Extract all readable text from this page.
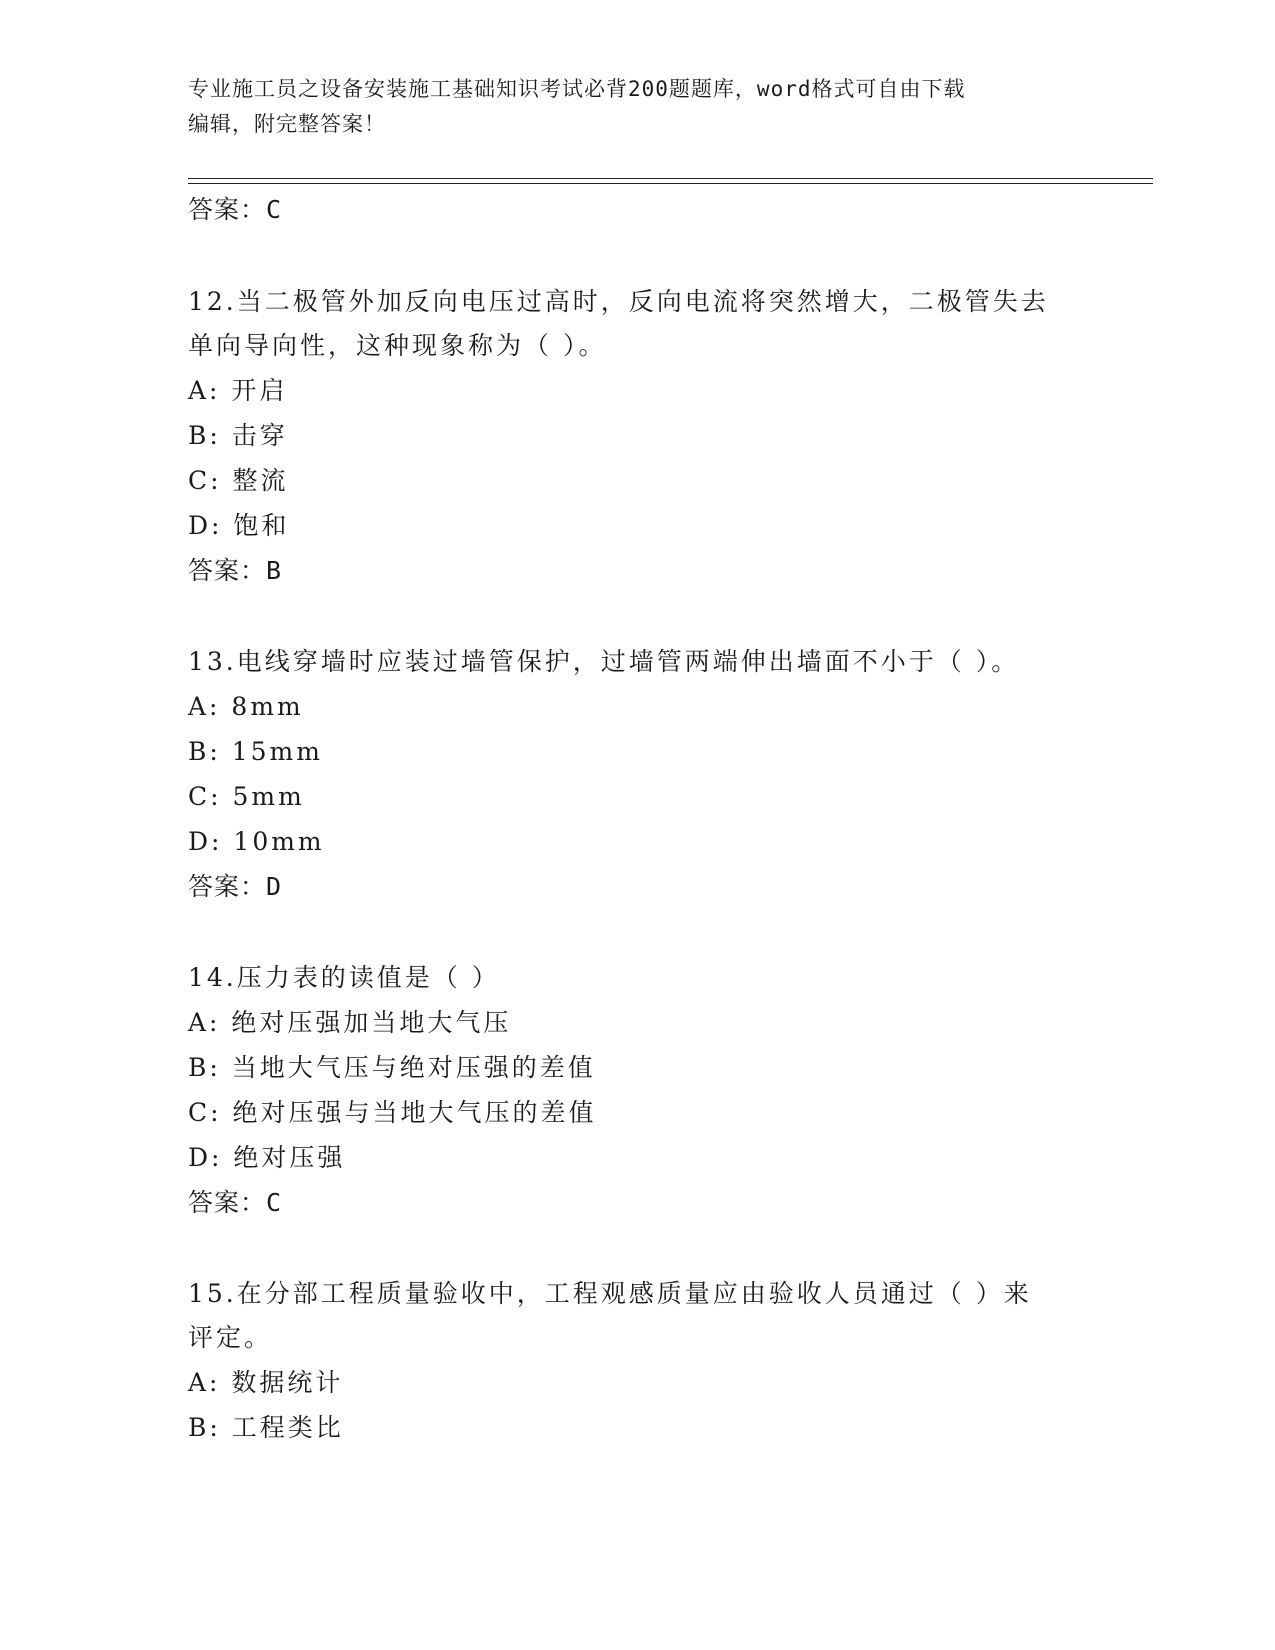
专业施工员之设备安装施工基础知识考试必背200题题库，word格式可自由下载
编辑，附完整答案！
答案：C
12.当二极管外加反向电压过高时，反向电流将突然增大，二极管失去
单向导向性，这种现象称为（ ）。
A: 开启
B: 击穿
C: 整流
D: 饱和
答案：B
13.电线穿墙时应装过墙管保护，过墙管两端伸出墙面不小于（ ）。
A: 8mm
B: 15mm
C: 5mm
D: 10mm
答案：D
14.压力表的读值是（ ）
A: 绝对压强加当地大气压
B: 当地大气压与绝对压强的差值
C: 绝对压强与当地大气压的差值
D: 绝对压强
答案：C
15.在分部工程质量验收中，工程观感质量应由验收人员通过（ ）来
评定。
A: 数据统计
B: 工程类比
